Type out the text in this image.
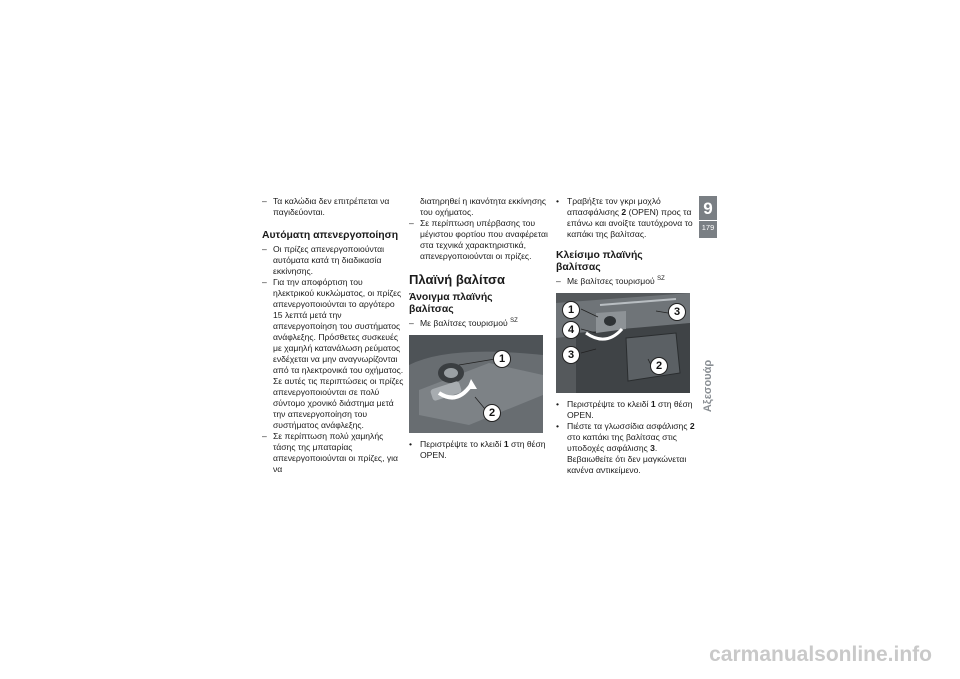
– Τα καλώδια δεν επιτρέπεται να παγιδεύονται.

Αυτόματη απενεργοποίηση

– Οι πρίζες απενεργοποιούνται αυτόματα κατά τη διαδικασία εκκίνησης.

– Για την αποφόρτιση του ηλεκτρικού κυκλώματος, οι πρίζες απενεργοποιούνται το αργότερο 15 λεπτά μετά την απενεργοποίηση του συστήματος ανάφλεξης. Πρόσθετες συσκευές με χαμηλή κατανάλωση ρεύματος ενδέχεται να μην αναγνωρίζονται από τα ηλεκτρονικά του οχήματος. Σε αυτές τις περιπτώσεις οι πρίζες απενεργοποιούνται σε πολύ σύντομο χρονικό διάστημα μετά την απενεργοποίηση του συστήματος ανάφλεξης.

– Σε περίπτωση πολύ χαμηλής τάσης της μπαταρίας απενεργοποιούνται οι πρίζες, για να

διατηρηθεί η ικανότητα εκκίνησης του οχήματος.

– Σε περίπτωση υπέρβασης του μέγιστου φορτίου που αναφέρεται στα τεχνικά χαρακτηριστικά, απενεργοποιούνται οι πρίζες.

Πλαϊνή βαλίτσα
Άνοιγμα πλαϊνής
βαλίτσας

– Με βαλίτσες τουρισμού $^{SZ}$

1
2

• Περιστρέψτε το κλειδί 1 στη θέση OPEN.

• Τραβήξτε τον γκρι μοχλό απασφάλισης 2 (OPEN) προς τα επάνω και ανοίξτε ταυτόχρονα το καπάκι της βαλίτσας.

Κλείσιμο πλαϊνής
βαλίτσας

– Με βαλίτσες τουρισμού $^{SZ}$

1
4
3
3
2

• Περιστρέψτε το κλειδί 1 στη θέση OPEN.

• Πιέστε τα γλωσσίδια ασφάλισης 2 στο καπάκι της βαλίτσας στις υποδοχές ασφάλισης 3. Βεβαιωθείτε ότι δεν μαγκώνεται κανένα αντικείμενο.

9
179
Αξεσουάρ
carmanualsonline.info
